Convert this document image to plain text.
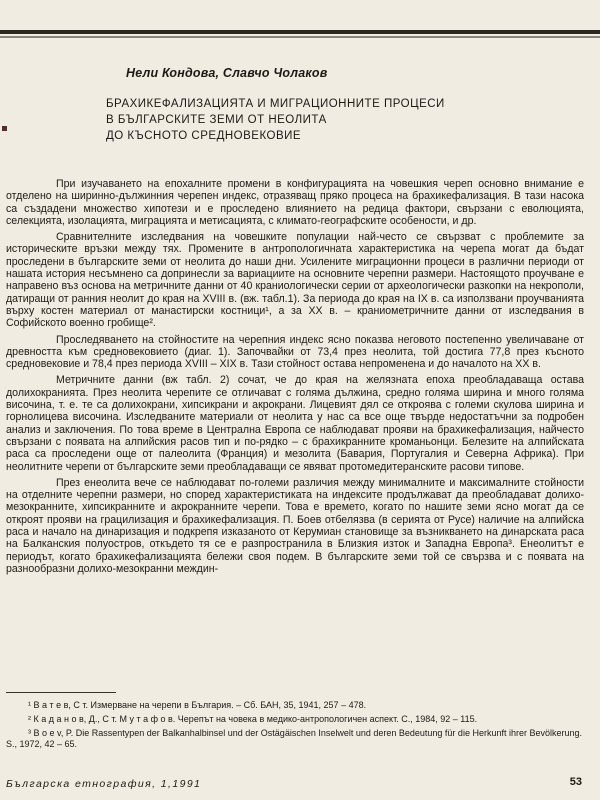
Нели Кондова, Славчо Чолаков
БРАХИКЕФАЛИЗАЦИЯТА И МИГРАЦИОННИТЕ ПРОЦЕСИ
В БЪЛГАРСКИТЕ ЗЕМИ ОТ НЕОЛИТА
ДО КЪСНОТО СРЕДНОВЕКОВИЕ

При изучаването на епохалните промени в конфигурацията на човешкия череп основно внимание е отделено на ширинно-дължинния черепен индекс, отразяващ пряко процеса на брахикефализация. В тази насока са създадени множество хипотези и е проследено влиянието на редица фактори, свързани с еволюцията, селекцията, изолацията, миграцията и метисацията, с климато-географските особености, и др.

Сравнителните изследвания на човешките популации най-често се свързват с проблемите за историческите връзки между тях. Промените в антропологичната характеристика на черепа могат да бъдат проследени в българските земи от неолита до наши дни. Усилените миграционни процеси в различни периоди от нашата история несъмнено са допринесли за вариациите на основните черепни размери. Настоящото проучване е направено въз основа на метричните данни от 40 краниологически серии от археологически разкопки на некрополи, датиращи от ранния неолит до края на XVIII в. (вж. табл.1). За периода до края на IX в. са използвани проучванията върху костен материал от манастирски костници¹, а за XX в. – краниометричните данни от изследвания в Софийското военно гробище².

Проследяването на стойностите на черепния индекс ясно показва неговото постепенно увеличаване от древността към средновековието (диаг. 1). Започвайки от 73,4 през неолита, той достига 77,8 през късното средновековие и 78,4 през периода XVIII – XIX в. Тази стойност остава непроменена и до началото на XX в.

Метричните данни (вж табл. 2) сочат, че до края на желязната епоха преобладаваща остава долихокранията. През неолита черепите се отличават с голяма дължина, средно голяма ширина и много голяма височина, т. е. те са долихокрани, хипсикрани и акрокрани. Лицевият дял се откроява с големи скулова ширина и горнолицева височина. Изследваните материали от неолита у нас са все още твърде недостатъчни за подробен анализ и заключения. По това време в Централна Европа се наблюдават прояви на брахикефализация, найчесто свързани с появата на алпийския расов тип и по-рядко – с брахикранните кроманьонци. Белезите на алпийската раса са проследени още от палеолита (Франция) и мезолита (Бавария, Португалия и Северна Африка). При неолитните черепи от българските земи преобладаващи се явяват протомедитеранските расови типове.

През енеолита вече се наблюдават по-големи различия между минималните и максималните стойности на отделните черепни размери, но според характеристиката на индексите продължават да преобладават долихо-мезокранните, хипсикранните и акрокранните черепи. Това е времето, когато по нашите земи ясно могат да се откроят прояви на грацилизация и брахикефализация. П. Боев отбелязва (в серията от Русе) наличие на алпийска раса и начало на динаризация и подкрепя изказаното от Керумиан становище за възникването на динарската раса на Балканския полуостров, откъдето тя се е разпространила в Близкия изток и Западна Европа³. Енеолитът е периодът, когато брахикефализацията бележи своя подем. В българските земи той се свързва и с появата на разнообразни долихо-мезокранни междин-

¹ В а т е в, С т. Измерване на черепи в България. – Сб. БАН, 35, 1941, 257 – 478.

² К а д а н о в, Д., С т. М у т а ф о в. Черепът на човека в медико-антропологичен аспект. С., 1984, 92 – 115.

³ B o e v, P. Die Rassentypen der Balkanhalbinsel und der Ostägäischen Inselwelt und deren Bedeutung für die Herkunft ihrer Bevölkerung. S., 1972, 42 – 65.

Българска етнография, 1,1991	53
